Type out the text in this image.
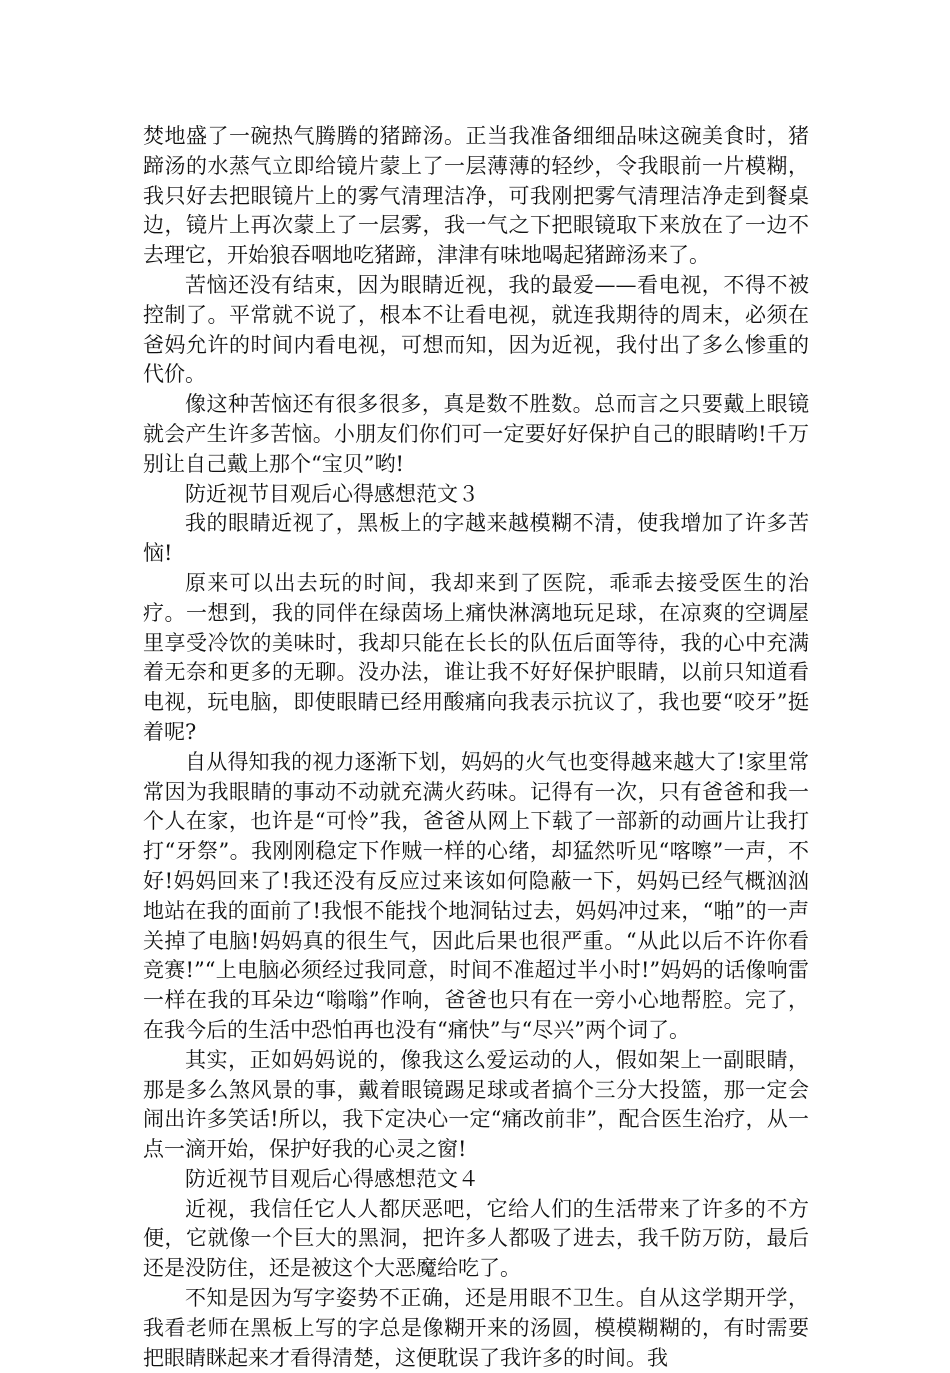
焚地盛了一碗热气腾腾的猪蹄汤。正当我准备细细品味这碗美食时，猪蹄汤的水蒸气立即给镜片蒙上了一层薄薄的轻纱，令我眼前一片模糊，我只好去把眼镜片上的雾气清理洁净，可我刚把雾气清理洁净走到餐桌边，镜片上再次蒙上了一层雾，我一气之下把眼镜取下来放在了一边不去理它，开始狼吞咽地吃猪蹄，津津有味地喝起猪蹄汤来了。

苦恼还没有结束，因为眼睛近视，我的最爱——看电视，不得不被控制了。平常就不说了，根本不让看电视，就连我期待的周末，必须在爸妈允许的时间内看电视，可想而知，因为近视，我付出了多么惨重的代价。

像这种苦恼还有很多很多，真是数不胜数。总而言之只要戴上眼镜就会产生许多苦恼。小朋友们你们可一定要好好保护自己的眼睛哟!千万别让自己戴上那个“宝贝”哟!

防近视节目观后心得感想范文３

我的眼睛近视了，黑板上的字越来越模糊不清，使我增加了许多苦恼!

原来可以出去玩的时间，我却来到了医院，乖乖去接受医生的治疗。一想到，我的同伴在绿茵场上痛快淋漓地玩足球，在凉爽的空调屋里享受冷饮的美味时，我却只能在长长的队伍后面等待，我的心中充满着无奈和更多的无聊。没办法，谁让我不好好保护眼睛，以前只知道看电视，玩电脑，即使眼睛已经用酸痛向我表示抗议了，我也要“咬牙”挺着呢?

自从得知我的视力逐渐下划，妈妈的火气也变得越来越大了!家里常常因为我眼睛的事动不动就充满火药味。记得有一次，只有爸爸和我一个人在家，也许是“可怜”我，爸爸从网上下载了一部新的动画片让我打打“牙祭”。我刚刚稳定下作贼一样的心绪，却猛然听见“喀嚓”一声，不好!妈妈回来了!我还没有反应过来该如何隐蔽一下，妈妈已经气概汹汹地站在我的面前了!我恨不能找个地洞钻过去，妈妈冲过来，“啪”的一声关掉了电脑!妈妈真的很生气，因此后果也很严重。“从此以后不许你看竞赛!”“上电脑必须经过我同意，时间不准超过半小时!”妈妈的话像响雷一样在我的耳朵边“嗡嗡”作响，爸爸也只有在一旁小心地帮腔。完了，在我今后的生活中恐怕再也没有“痛快”与“尽兴”两个词了。

其实，正如妈妈说的，像我这么爱运动的人，假如架上一副眼睛，那是多么煞风景的事，戴着眼镜踢足球或者搞个三分大投篮，那一定会闹出许多笑话!所以，我下定决心一定“痛改前非”，配合医生治疗，从一点一滴开始，保护好我的心灵之窗!

防近视节目观后心得感想范文４

近视，我信任它人人都厌恶吧，它给人们的生活带来了许多的不方便，它就像一个巨大的黑洞，把许多人都吸了进去，我千防万防，最后还是没防住，还是被这个大恶魔给吃了。

不知是因为写字姿势不正确，还是用眼不卫生。自从这学期开学，我看老师在黑板上写的字总是像糊开来的汤圆，模模糊糊的，有时需要把眼睛眯起来才看得清楚，这便耽误了我许多的时间。我
